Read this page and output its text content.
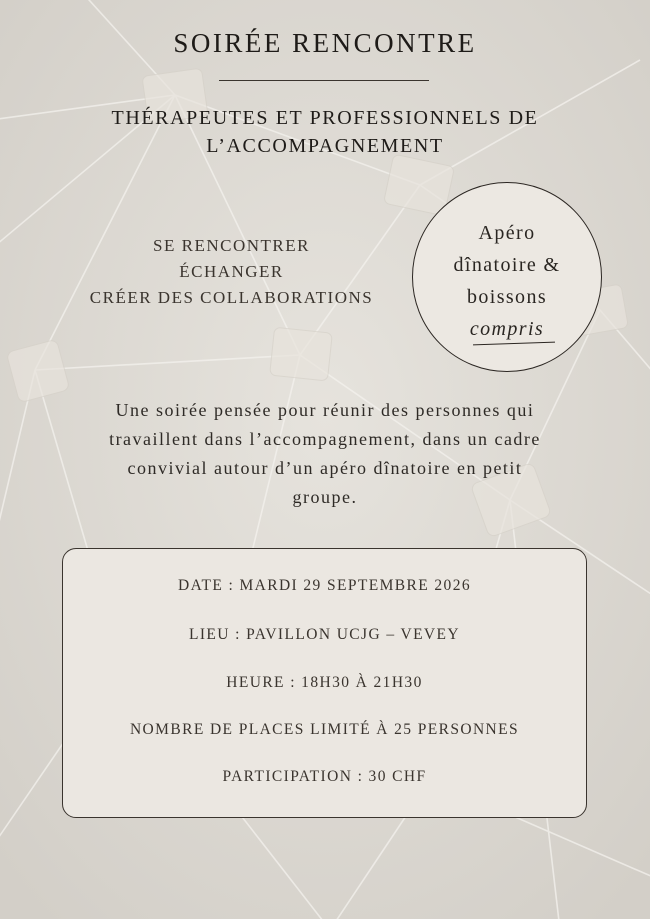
SOIRÉE RENCONTRE
THÉRAPEUTES ET PROFESSIONNELS DE
L’ACCOMPAGNEMENT
SE RENCONTRER
ÉCHANGER
CRÉER DES COLLABORATIONS
Apéro
dînatoire &
boissons
compris
Une soirée pensée pour réunir des personnes qui
travaillent dans l’accompagnement, dans un cadre
convivial autour d’un apéro dînatoire en petit
groupe.
DATE : MARDI 29 SEPTEMBRE 2026
LIEU : PAVILLON UCJG – VEVEY
HEURE : 18H30 À 21H30
NOMBRE DE PLACES LIMITÉ À 25 PERSONNES
PARTICIPATION : 30 CHF
